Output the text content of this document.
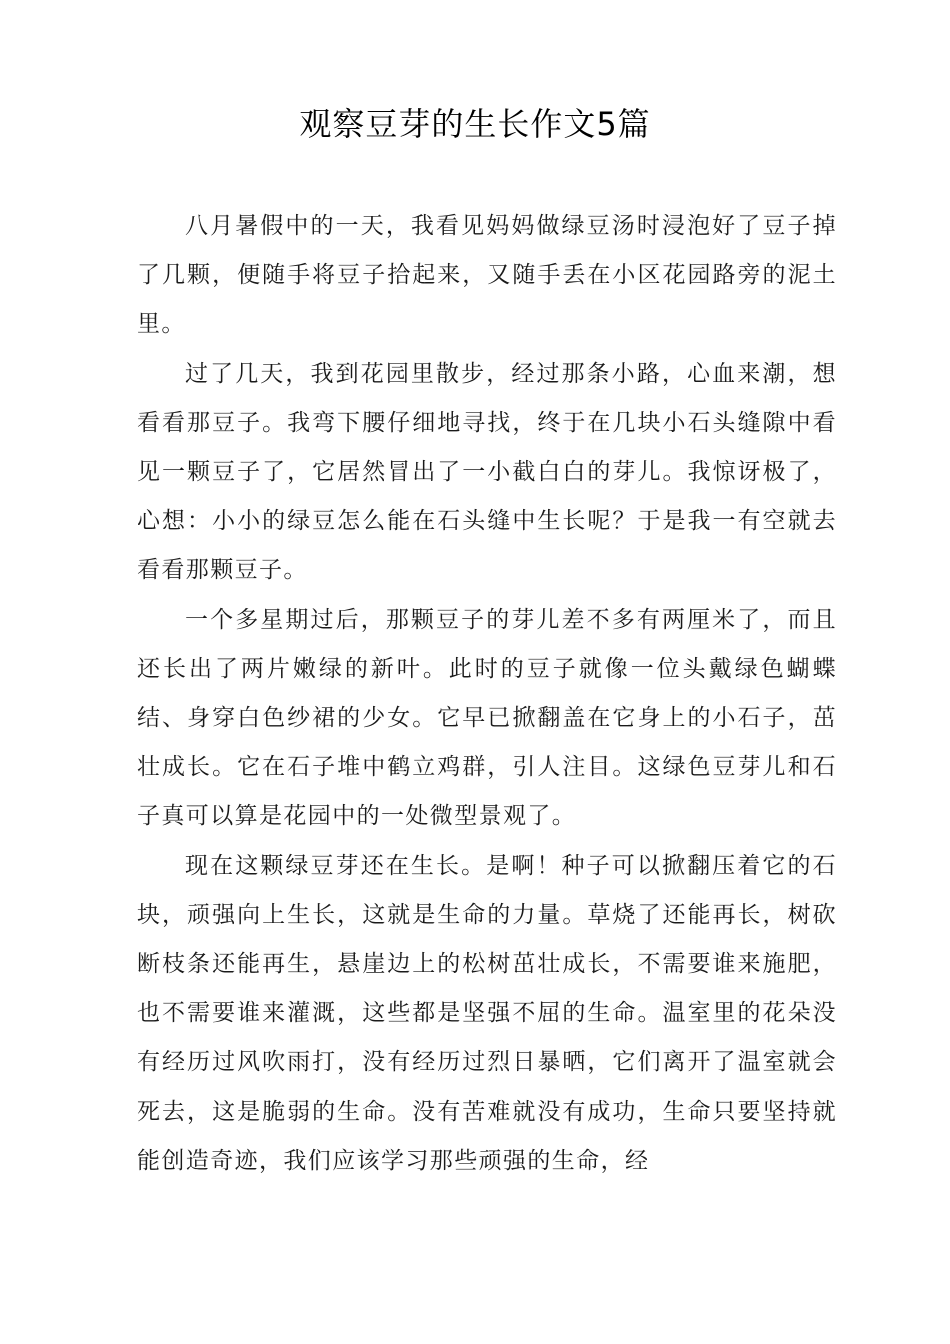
观察豆芽的生长作文5篇

八月暑假中的一天，我看见妈妈做绿豆汤时浸泡好了豆子掉了几颗，便随手将豆子拾起来，又随手丢在小区花园路旁的泥土里。

过了几天，我到花园里散步，经过那条小路，心血来潮，想看看那豆子。我弯下腰仔细地寻找，终于在几块小石头缝隙中看见一颗豆子了，它居然冒出了一小截白白的芽儿。我惊讶极了，心想：小小的绿豆怎么能在石头缝中生长呢？于是我一有空就去看看那颗豆子。

一个多星期过后，那颗豆子的芽儿差不多有两厘米了，而且还长出了两片嫩绿的新叶。此时的豆子就像一位头戴绿色蝴蝶结、身穿白色纱裙的少女。它早已掀翻盖在它身上的小石子，茁壮成长。它在石子堆中鹤立鸡群，引人注目。这绿色豆芽儿和石子真可以算是花园中的一处微型景观了。

现在这颗绿豆芽还在生长。是啊！种子可以掀翻压着它的石块，顽强向上生长，这就是生命的力量。草烧了还能再长，树砍断枝条还能再生，悬崖边上的松树茁壮成长，不需要谁来施肥，也不需要谁来灌溉，这些都是坚强不屈的生命。温室里的花朵没有经历过风吹雨打，没有经历过烈日暴晒，它们离开了温室就会死去，这是脆弱的生命。没有苦难就没有成功，生命只要坚持就能创造奇迹，我们应该学习那些顽强的生命，经
